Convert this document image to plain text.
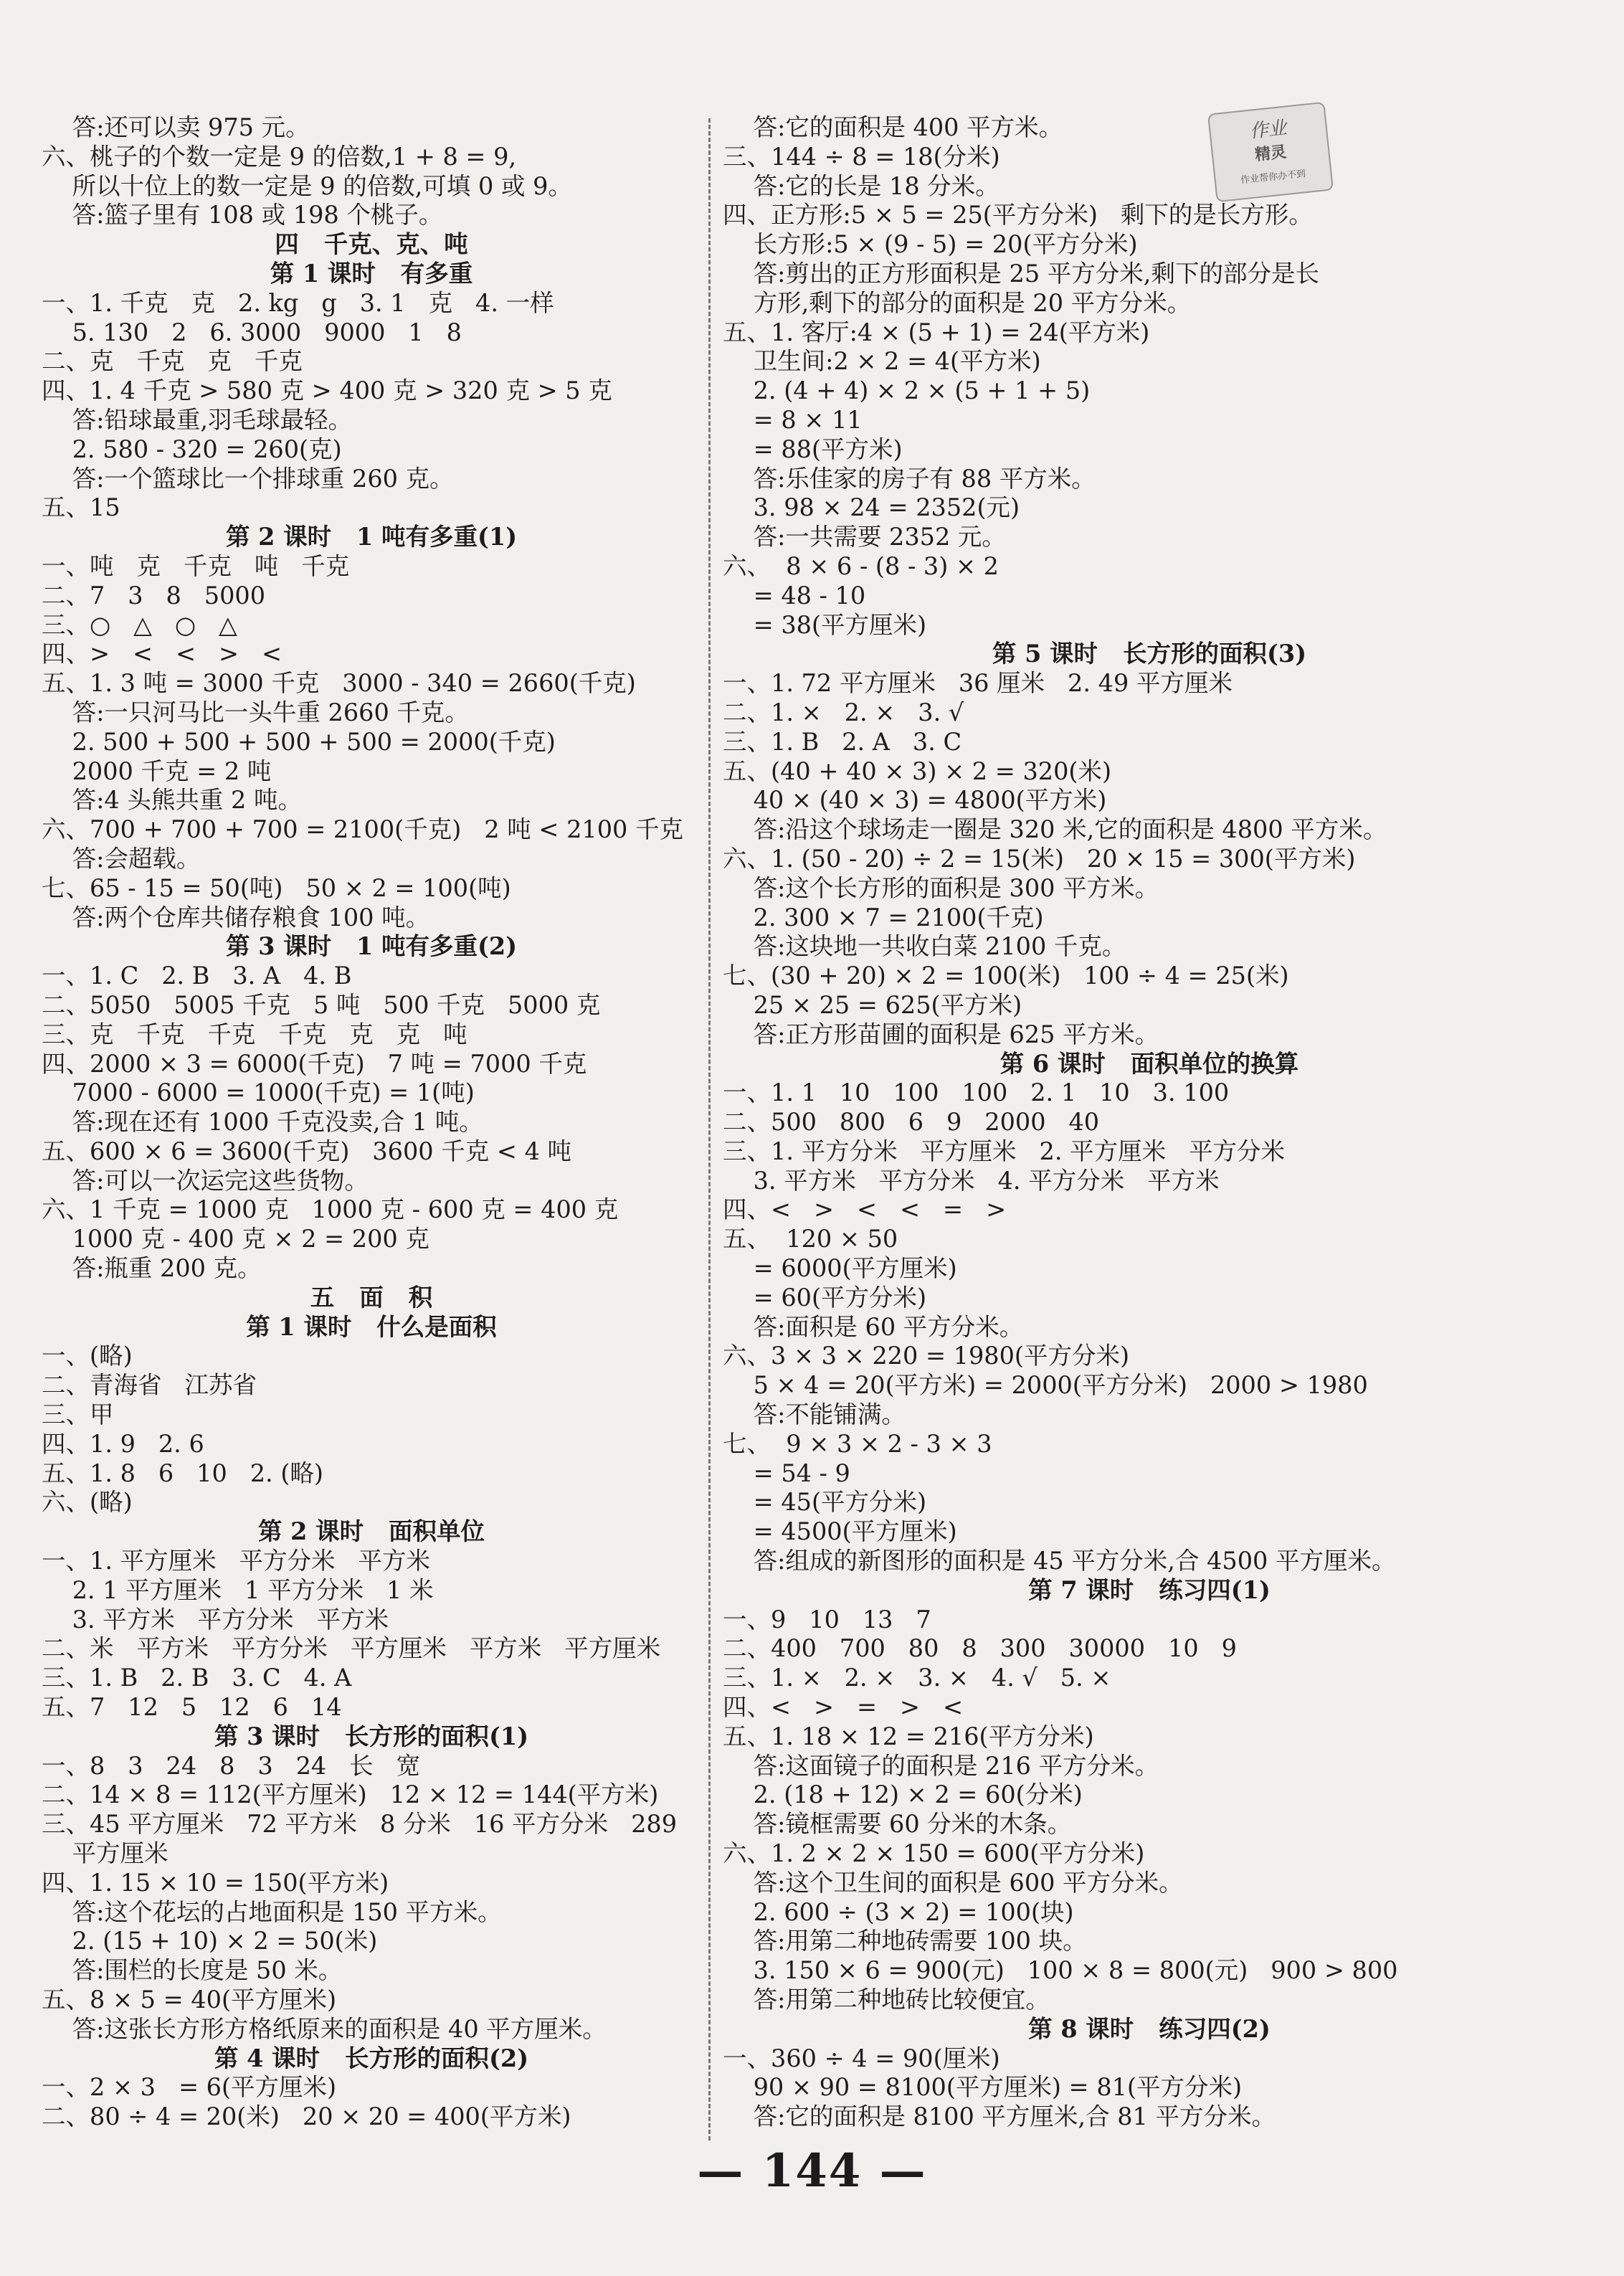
答:还可以卖 975 元。
六、桃子的个数一定是 9 的倍数,1 + 8 = 9,
所以十位上的数一定是 9 的倍数,可填 0 或 9。
答:篮子里有 108 或 198 个桃子。
四   千克、克、吨
第 1 课时   有多重
一、1. 千克   克   2. kg   g   3. 1   克   4. 一样
5. 130   2   6. 3000   9000   1   8
二、克   千克   克   千克
四、1. 4 千克 > 580 克 > 400 克 > 320 克 > 5 克
答:铅球最重,羽毛球最轻。
2. 580 - 320 = 260(克)
答:一个篮球比一个排球重 260 克。
五、15
第 2 课时   1 吨有多重(1)
一、吨   克   千克   吨   千克
二、7   3   8   5000
三、○   △   ○   △
四、>   <   <   >   <
五、1. 3 吨 = 3000 千克   3000 - 340 = 2660(千克)
答:一只河马比一头牛重 2660 千克。
2. 500 + 500 + 500 + 500 = 2000(千克)
2000 千克 = 2 吨
答:4 头熊共重 2 吨。
六、700 + 700 + 700 = 2100(千克)   2 吨 < 2100 千克
答:会超载。
七、65 - 15 = 50(吨)   50 × 2 = 100(吨)
答:两个仓库共储存粮食 100 吨。
第 3 课时   1 吨有多重(2)
一、1. C   2. B   3. A   4. B
二、5050   5005 千克   5 吨   500 千克   5000 克
三、克   千克   千克   千克   克   克   吨
四、2000 × 3 = 6000(千克)   7 吨 = 7000 千克
7000 - 6000 = 1000(千克) = 1(吨)
答:现在还有 1000 千克没卖,合 1 吨。
五、600 × 6 = 3600(千克)   3600 千克 < 4 吨
答:可以一次运完这些货物。
六、1 千克 = 1000 克   1000 克 - 600 克 = 400 克
1000 克 - 400 克 × 2 = 200 克
答:瓶重 200 克。
五   面   积
第 1 课时   什么是面积
一、(略)
二、青海省   江苏省
三、甲
四、1. 9   2. 6
五、1. 8   6   10   2. (略)
六、(略)
第 2 课时   面积单位
一、1. 平方厘米   平方分米   平方米
2. 1 平方厘米   1 平方分米   1 米
3. 平方米   平方分米   平方米
二、米   平方米   平方分米   平方厘米   平方米   平方厘米
三、1. B   2. B   3. C   4. A
五、7   12   5   12   6   14
第 3 课时   长方形的面积(1)
一、8   3   24   8   3   24   长   宽
二、14 × 8 = 112(平方厘米)   12 × 12 = 144(平方米)
三、45 平方厘米   72 平方米   8 分米   16 平方分米   289
平方厘米
四、1. 15 × 10 = 150(平方米)
答:这个花坛的占地面积是 150 平方米。
2. (15 + 10) × 2 = 50(米)
答:围栏的长度是 50 米。
五、8 × 5 = 40(平方厘米)
答:这张长方形方格纸原来的面积是 40 平方厘米。
第 4 课时   长方形的面积(2)
一、2 × 3   = 6(平方厘米)
二、80 ÷ 4 = 20(米)   20 × 20 = 400(平方米)
答:它的面积是 400 平方米。
三、144 ÷ 8 = 18(分米)
答:它的长是 18 分米。
四、正方形:5 × 5 = 25(平方分米)   剩下的是长方形。
长方形:5 × (9 - 5) = 20(平方分米)
答:剪出的正方形面积是 25 平方分米,剩下的部分是长
方形,剩下的部分的面积是 20 平方分米。
五、1. 客厅:4 × (5 + 1) = 24(平方米)
卫生间:2 × 2 = 4(平方米)
2. (4 + 4) × 2 × (5 + 1 + 5)
= 8 × 11
= 88(平方米)
答:乐佳家的房子有 88 平方米。
3. 98 × 24 = 2352(元)
答:一共需要 2352 元。
六、  8 × 6 - (8 - 3) × 2
= 48 - 10
= 38(平方厘米)
第 5 课时   长方形的面积(3)
一、1. 72 平方厘米   36 厘米   2. 49 平方厘米
二、1. ×   2. ×   3. √
三、1. B   2. A   3. C
五、(40 + 40 × 3) × 2 = 320(米)
40 × (40 × 3) = 4800(平方米)
答:沿这个球场走一圈是 320 米,它的面积是 4800 平方米。
六、1. (50 - 20) ÷ 2 = 15(米)   20 × 15 = 300(平方米)
答:这个长方形的面积是 300 平方米。
2. 300 × 7 = 2100(千克)
答:这块地一共收白菜 2100 千克。
七、(30 + 20) × 2 = 100(米)   100 ÷ 4 = 25(米)
25 × 25 = 625(平方米)
答:正方形苗圃的面积是 625 平方米。
第 6 课时   面积单位的换算
一、1. 1   10   100   100   2. 1   10   3. 100
二、500   800   6   9   2000   40
三、1. 平方分米   平方厘米   2. 平方厘米   平方分米
3. 平方米   平方分米   4. 平方分米   平方米
四、<   >   <   <   =   >
五、  120 × 50
= 6000(平方厘米)
= 60(平方分米)
答:面积是 60 平方分米。
六、3 × 3 × 220 = 1980(平方分米)
5 × 4 = 20(平方米) = 2000(平方分米)   2000 > 1980
答:不能铺满。
七、  9 × 3 × 2 - 3 × 3
= 54 - 9
= 45(平方分米)
= 4500(平方厘米)
答:组成的新图形的面积是 45 平方分米,合 4500 平方厘米。
第 7 课时   练习四(1)
一、9   10   13   7
二、400   700   80   8   300   30000   10   9
三、1. ×   2. ×   3. ×   4. √   5. ×
四、<   >   =   >   <
五、1. 18 × 12 = 216(平方分米)
答:这面镜子的面积是 216 平方分米。
2. (18 + 12) × 2 = 60(分米)
答:镜框需要 60 分米的木条。
六、1. 2 × 2 × 150 = 600(平方分米)
答:这个卫生间的面积是 600 平方分米。
2. 600 ÷ (3 × 2) = 100(块)
答:用第二种地砖需要 100 块。
3. 150 × 6 = 900(元)   100 × 8 = 800(元)   900 > 800
答:用第二种地砖比较便宜。
第 8 课时   练习四(2)
一、360 ÷ 4 = 90(厘米)
90 × 90 = 8100(平方厘米) = 81(平方分米)
答:它的面积是 8100 平方厘米,合 81 平方分米。
作业
精灵
作业帮你办不到
— 144 —
